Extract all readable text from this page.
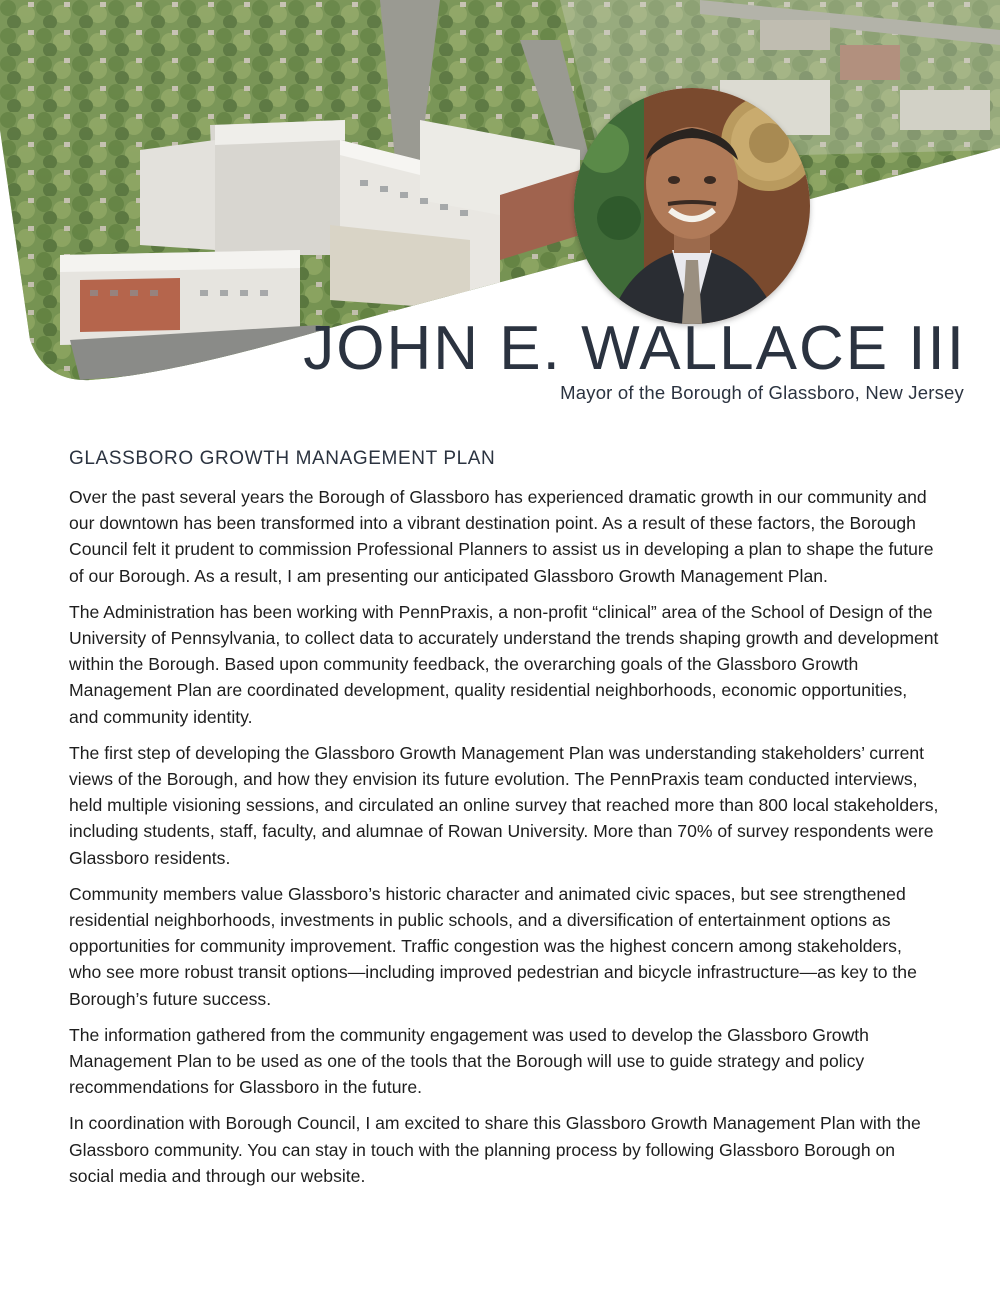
JOHN E. WALLACE III

Mayor of the Borough of Glassboro, New Jersey

GLASSBORO GROWTH MANAGEMENT PLAN

Over the past several years the Borough of Glassboro has experienced dramatic growth in our community and our downtown has been transformed into a vibrant destination point. As a result of these factors, the Borough Council felt it prudent to commission Professional Planners to assist us in developing a plan to shape the future of our Borough. As a result, I am presenting our anticipated Glassboro Growth Management Plan.

The Administration has been working with PennPraxis, a non-profit “clinical” area of the School of Design of the University of Pennsylvania, to collect data to accurately understand the trends shaping growth and development within the Borough. Based upon community feedback, the overarching goals of the Glassboro Growth Management Plan are coordinated development, quality residential neighborhoods, economic opportunities, and community identity.

The first step of developing the Glassboro Growth Management Plan was understanding stakeholders’ current views of the Borough, and how they envision its future evolution. The PennPraxis team conducted interviews, held multiple visioning sessions, and circulated an online survey that reached more than 800 local stakeholders, including students, staff, faculty, and alumnae of Rowan University. More than 70% of survey respondents were Glassboro residents.

Community members value Glassboro’s historic character and animated civic spaces, but see strengthened residential neighborhoods, investments in public schools, and a diversification of entertainment options as opportunities for community improvement. Traffic congestion was the highest concern among stakeholders, who see more robust transit options—including improved pedestrian and bicycle infrastructure—as key to the Borough’s future success.

The information gathered from the community engagement was used to develop the Glassboro Growth Management Plan to be used as one of the tools that the Borough will use to guide strategy and policy recommendations for Glassboro in the future.

In coordination with Borough Council, I am excited to share this Glassboro Growth Management Plan with the Glassboro community. You can stay in touch with the planning process by following Glassboro Borough on social media and through our website.
